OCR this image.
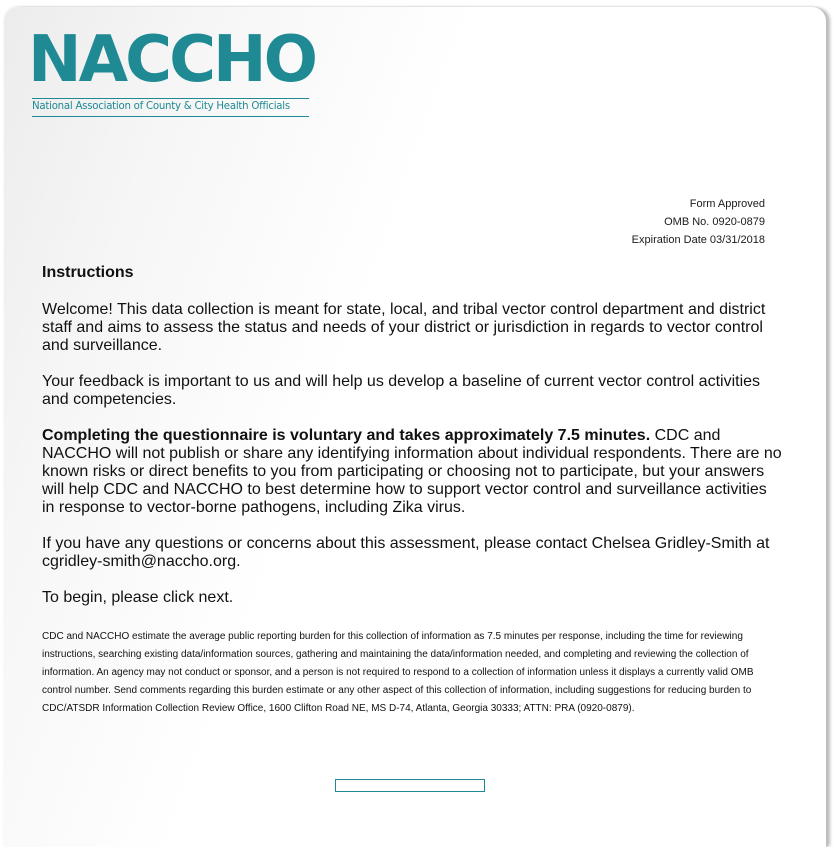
NACCHO
National Association of County & City Health Officials
Form Approved
OMB No. 0920-0879
Expiration Date 03/31/2018
Instructions
Welcome! This data collection is meant for state, local, and tribal vector control department and district staff and aims to assess the status and needs of your district or jurisdiction in regards to vector control and surveillance.
Your feedback is important to us and will help us develop a baseline of current vector control activities and competencies.
Completing the questionnaire is voluntary and takes approximately 7.5 minutes. CDC and NACCHO will not publish or share any identifying information about individual respondents. There are no known risks or direct benefits to you from participating or choosing not to participate, but your answers will help CDC and NACCHO to best determine how to support vector control and surveillance activities in response to vector-borne pathogens, including Zika virus.
If you have any questions or concerns about this assessment, please contact Chelsea Gridley-Smith at cgridley-smith@naccho.org.
To begin, please click next.
CDC and NACCHO estimate the average public reporting burden for this collection of information as 7.5 minutes per response, including the time for reviewing instructions, searching existing data/information sources, gathering and maintaining the data/information needed, and completing and reviewing the collection of information. An agency may not conduct or sponsor, and a person is not required to respond to a collection of information unless it displays a currently valid OMB control number. Send comments regarding this burden estimate or any other aspect of this collection of information, including suggestions for reducing burden to CDC/ATSDR Information Collection Review Office, 1600 Clifton Road NE, MS D-74, Atlanta, Georgia 30333; ATTN: PRA (0920-0879).
